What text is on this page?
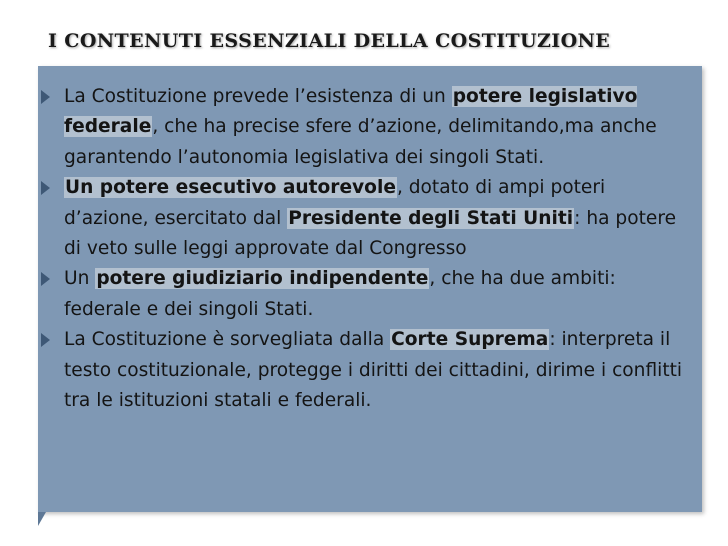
I CONTENUTI ESSENZIALI DELLA COSTITUZIONE
La Costituzione prevede l’esistenza di un potere legislativo federale, che ha precise sfere d’azione, delimitando,ma anche garantendo l’autonomia legislativa dei singoli Stati.
Un potere esecutivo autorevole, dotato di ampi poteri d’azione, esercitato dal Presidente degli Stati Uniti: ha potere di veto sulle leggi approvate dal Congresso
Un potere giudiziario indipendente, che ha due ambiti: federale e dei singoli Stati.
La Costituzione è sorvegliata dalla Corte Suprema: interpreta il testo costituzionale, protegge i diritti dei cittadini, dirime i conflitti tra le istituzioni statali e federali.
